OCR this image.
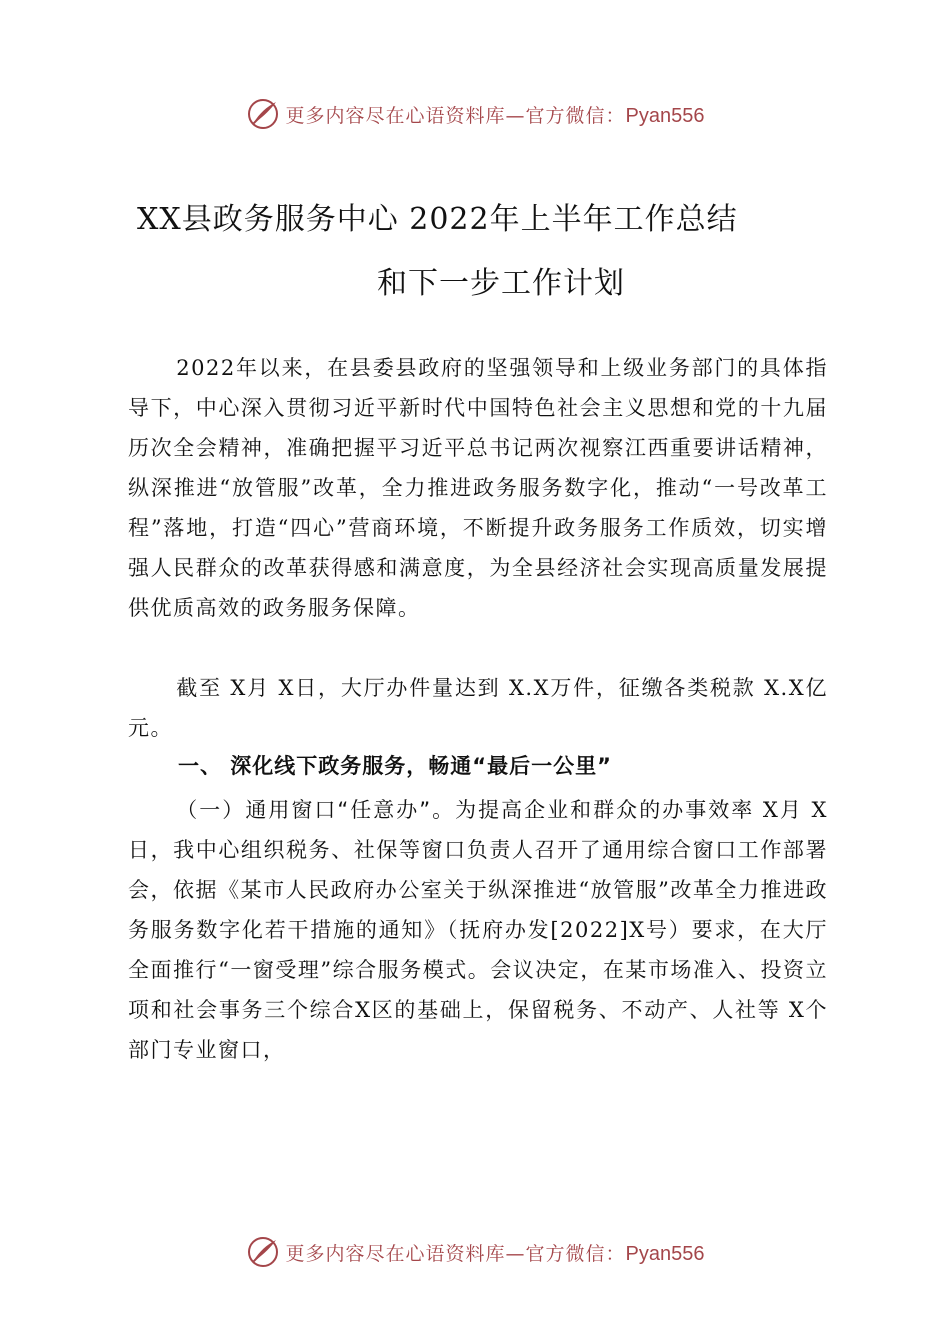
更多内容尽在心语资料库—官方微信：Pyan556
XX县政务服务中心 2022年上半年工作总结
和下一步工作计划

2022年以来，在县委县政府的坚强领导和上级业务部门的具体指导下，中心深入贯彻习近平新时代中国特色社会主义思想和党的十九届历次全会精神，准确把握平习近平总书记两次视察江西重要讲话精神，纵深推进“放管服”改革，全力推进政务服务数字化，推动“一号改革工程”落地，打造“四心”营商环境，不断提升政务服务工作质效，切实增强人民群众的改革获得感和满意度，为全县经济社会实现高质量发展提供优质高效的政务服务保障。

截至 X月 X日，大厅办件量达到 X.X万件，征缴各类税款 X.X亿元。

一、 深化线下政务服务，畅通“最后一公里”

（一）通用窗口“任意办”。为提高企业和群众的办事效率 X月 X日，我中心组织税务、社保等窗口负责人召开了通用综合窗口工作部署会，依据《某市人民政府办公室关于纵深推进“放管服”改革全力推进政务服务数字化若干措施的通知》（抚府办发[2022]X号）要求，在大厅全面推行“一窗受理”综合服务模式。会议决定，在某市场准入、投资立项和社会事务三个综合X区的基础上，保留税务、不动产、人社等 X个部门专业窗口，

更多内容尽在心语资料库—官方微信：Pyan556
